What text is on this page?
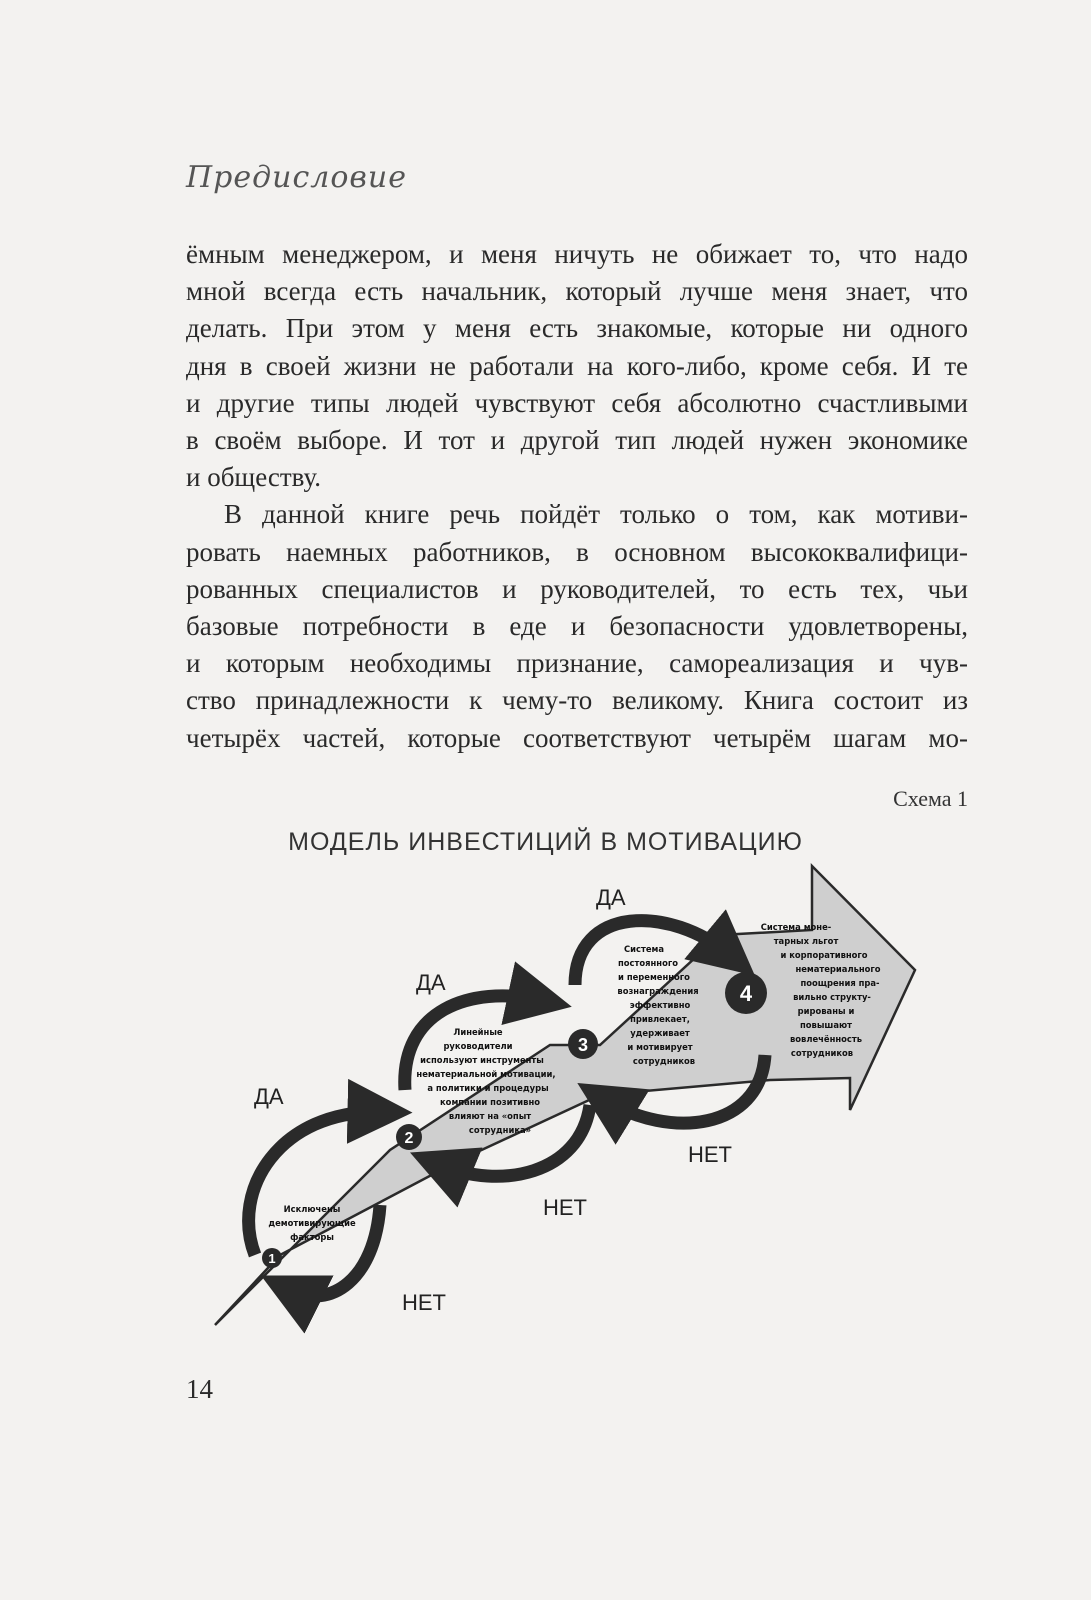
Предисловие
ёмным менеджером, и меня ничуть не обижает то, что надо
мной всегда есть начальник, который лучше меня знает, что
делать. При этом у меня есть знакомые, которые ни одного
дня в своей жизни не работали на кого-либо, кроме себя. И те
и другие типы людей чувствуют себя абсолютно счастливыми
в своём выборе. И тот и другой тип людей нужен экономике
и обществу.
В данной книге речь пойдёт только о том, как мотиви-
ровать наемных работников, в основном высококвалифици-
рованных специалистов и руководителей, то есть тех, чьи
базовые потребности в еде и безопасности удовлетворены,
и которым необходимы признание, самореализация и чув-
ство принадлежности к чему-то великому. Книга состоит из
четырёх частей, которые соответствуют четырём шагам мо-
Схема 1
МОДЕЛЬ ИНВЕСТИЦИЙ В МОТИВАЦИЮ
ДА
ДА
ДА
НЕТ
НЕТ
НЕТ
Исключены
демотивирующие
факторы
1
Линейные
руководители
используют инструменты
нематериальной мотивации,
а политики и процедуры
компании позитивно
влияют на «опыт
сотрудника»
2
Система
постоянного
и переменного
вознаграждения
эффективно
привлекает,
удерживает
и мотивирует
сотрудников
3
Система моне-
тарных льгот
и корпоративного
нематериального
поощрения пра-
вильно структу-
рированы и
повышают
вовлечённость
сотрудников
4
14
